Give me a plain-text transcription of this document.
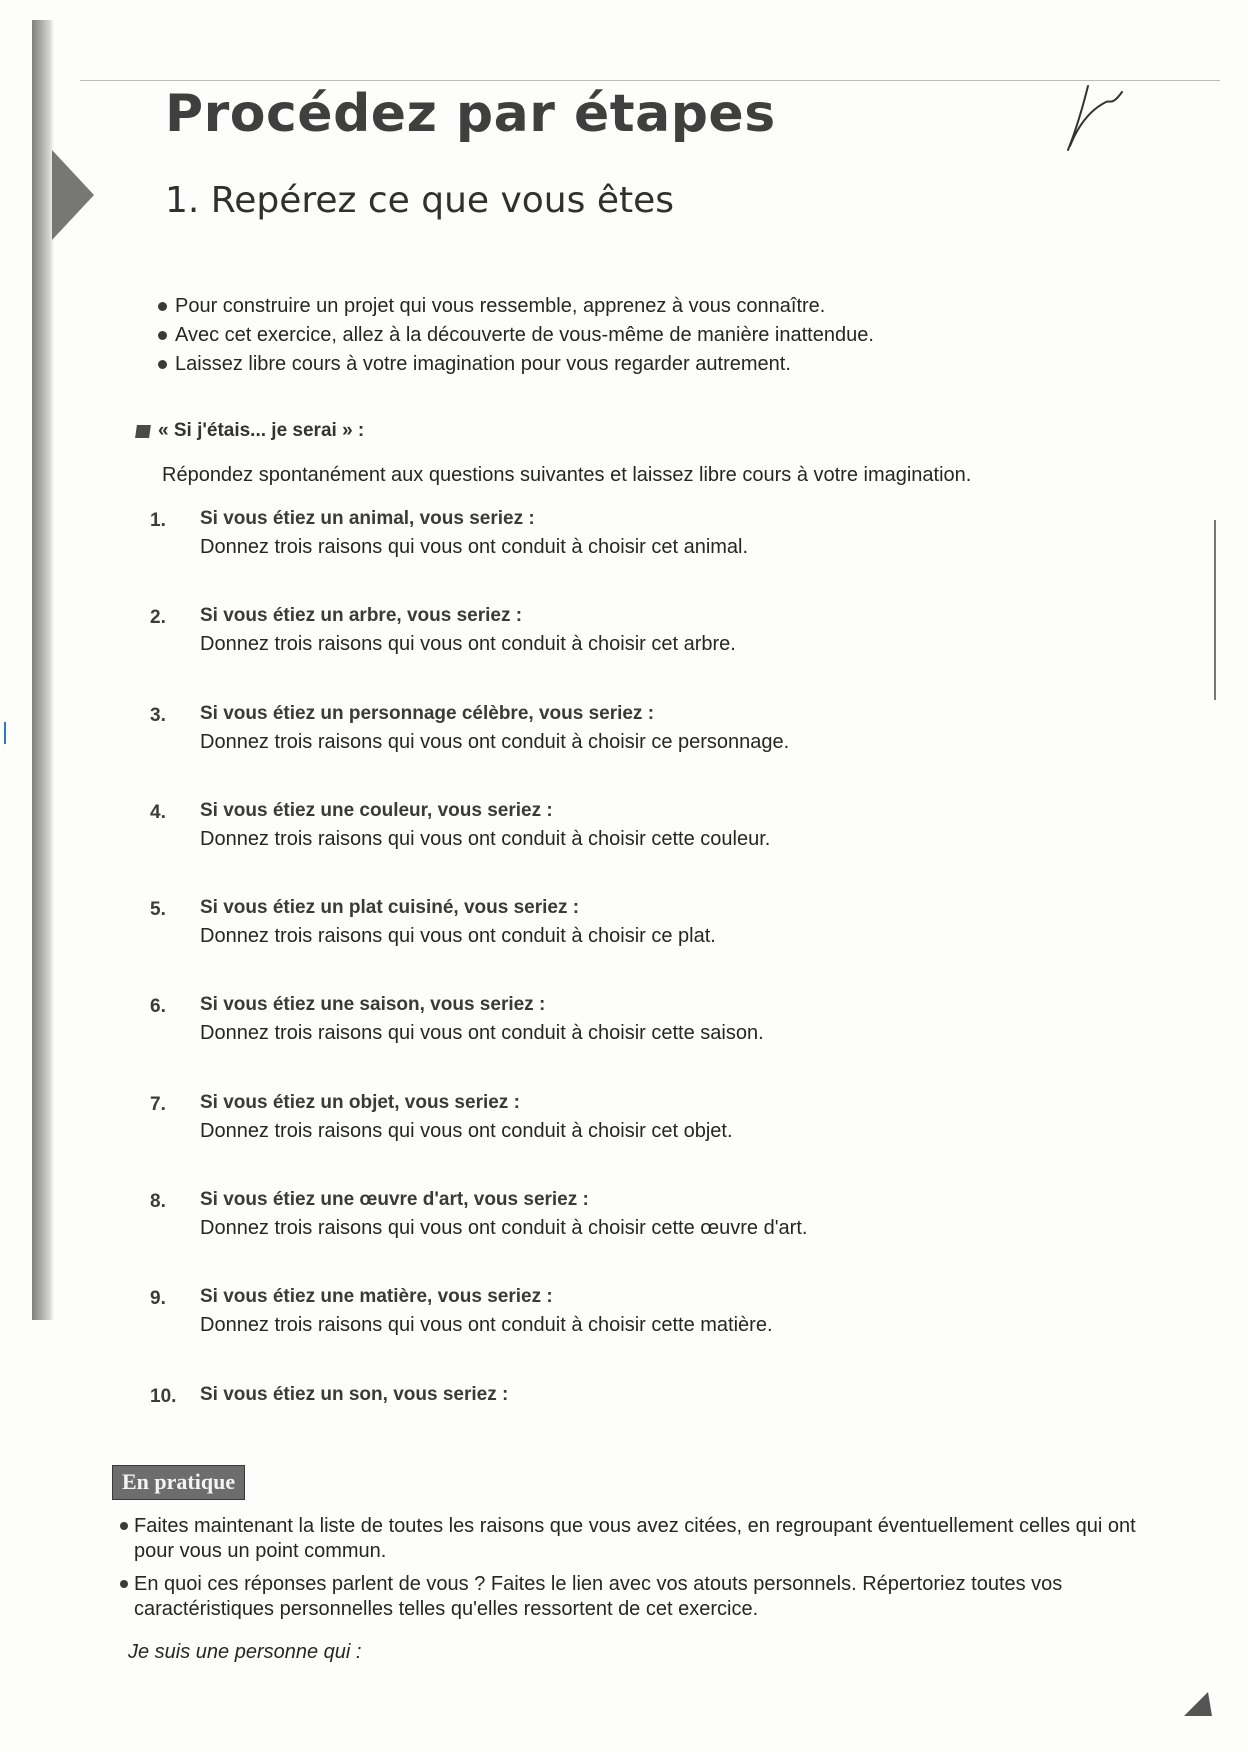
Procédez par étapes
1. Repérez ce que vous êtes
Pour construire un projet qui vous ressemble, apprenez à vous connaître.
Avec cet exercice, allez à la découverte de vous-même de manière inattendue.
Laissez libre cours à votre imagination pour vous regarder autrement.
« Si j'étais... je serai » :
Répondez spontanément aux questions suivantes et laissez libre cours à votre imagination.
1.	Si vous étiez un animal, vous seriez :
Donnez trois raisons qui vous ont conduit à choisir cet animal.
2.	Si vous étiez un arbre, vous seriez :
Donnez trois raisons qui vous ont conduit à choisir cet arbre.
3.	Si vous étiez un personnage célèbre, vous seriez :
Donnez trois raisons qui vous ont conduit à choisir ce personnage.
4.	Si vous étiez une couleur, vous seriez :
Donnez trois raisons qui vous ont conduit à choisir cette couleur.
5.	Si vous étiez un plat cuisiné, vous seriez :
Donnez trois raisons qui vous ont conduit à choisir ce plat.
6.	Si vous étiez une saison, vous seriez :
Donnez trois raisons qui vous ont conduit à choisir cette saison.
7.	Si vous étiez un objet, vous seriez :
Donnez trois raisons qui vous ont conduit à choisir cet objet.
8.	Si vous étiez une œuvre d'art, vous seriez :
Donnez trois raisons qui vous ont conduit à choisir cette œuvre d'art.
9.	Si vous étiez une matière, vous seriez :
Donnez trois raisons qui vous ont conduit à choisir cette matière.
10.	Si vous étiez un son, vous seriez :
En pratique
Faites maintenant la liste de toutes les raisons que vous avez citées, en regroupant éventuellement celles qui ont pour vous un point commun.
En quoi ces réponses parlent de vous ? Faites le lien avec vos atouts personnels. Répertoriez toutes vos caractéristiques personnelles telles qu'elles ressortent de cet exercice.
Je suis une personne qui :
